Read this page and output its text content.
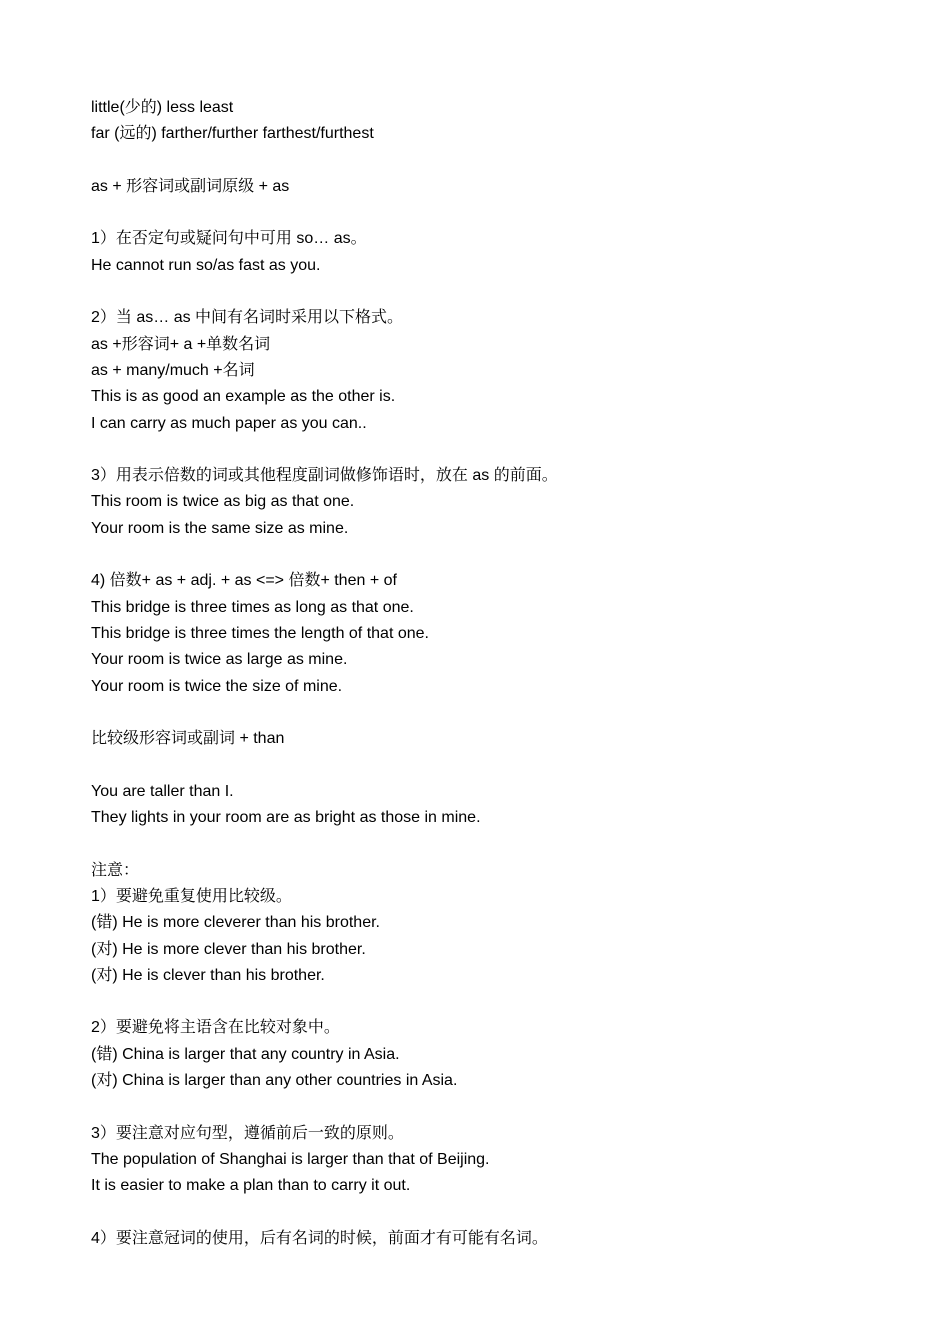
little(少的) less least
far (远的) farther/further farthest/furthest
as + 形容词或副词原级 + as
1）在否定句或疑问句中可用 so… as。
He cannot run so/as fast as you.
2）当 as… as 中间有名词时采用以下格式。
as +形容词+ a +单数名词
as + many/much +名词
This is as good an example as the other is.
I can carry as much paper as you can..
3）用表示倍数的词或其他程度副词做修饰语时，放在 as 的前面。
This room is twice as big as that one.
Your room is the same size as mine.
4) 倍数+ as + adj. + as <=> 倍数+ then + of
This bridge is three times as long as that one.
This bridge is three times the length of that one.
Your room is twice as large as mine.
Your room is twice the size of mine.
比较级形容词或副词 + than
You are taller than I.
They lights in your room are as bright as those in mine.
注意：
1）要避免重复使用比较级。
(错) He is more cleverer than his brother.
(对) He is more clever than his brother.
(对) He is clever than his brother.
2）要避免将主语含在比较对象中。
(错) China is larger that any country in Asia.
(对) China is larger than any other countries in Asia.
3）要注意对应句型，遵循前后一致的原则。
The population of Shanghai is larger than that of Beijing.
It is easier to make a plan than to carry it out.
4）要注意冠词的使用，后有名词的时候，前面才有可能有名词。
